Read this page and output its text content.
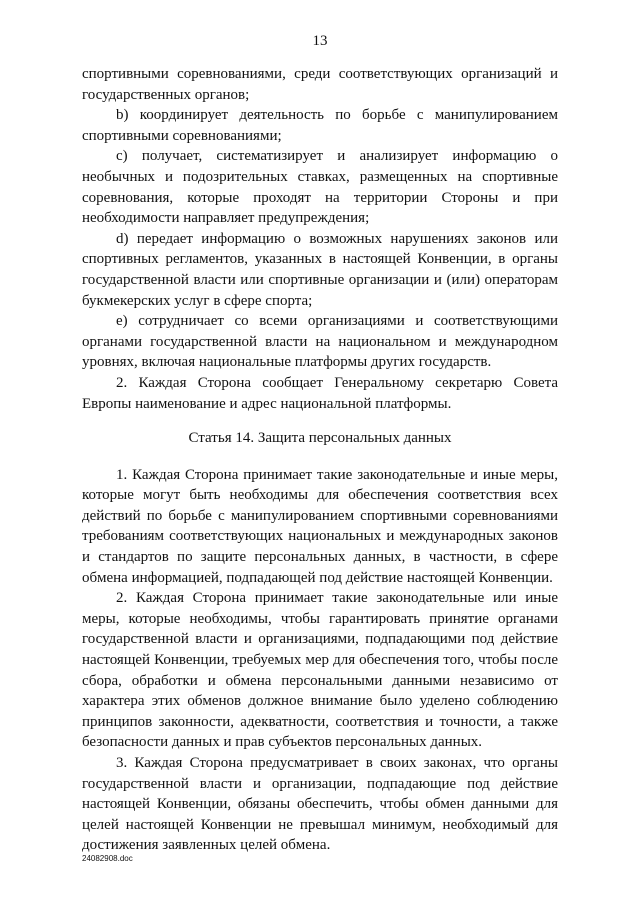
13

спортивными соревнованиями, среди соответствующих организаций и государственных органов;

b) координирует деятельность по борьбе с манипулированием спортивными соревнованиями;

c) получает, систематизирует и анализирует информацию о необычных и подозрительных ставках, размещенных на спортивные соревнования, которые проходят на территории Стороны и при необходимости направляет предупреждения;

d) передает информацию о возможных нарушениях законов или спортивных регламентов, указанных в настоящей Конвенции, в органы государственной власти или спортивные организации и (или) операторам букмекерских услуг в сфере спорта;

e) сотрудничает со всеми организациями и соответствующими органами государственной власти на национальном и международном уровнях, включая национальные платформы других государств.

2. Каждая Сторона сообщает Генеральному секретарю Совета Европы наименование и адрес национальной платформы.

Статья 14. Защита персональных данных

1. Каждая Сторона принимает такие законодательные и иные меры, которые могут быть необходимы для обеспечения соответствия всех действий по борьбе с манипулированием спортивными соревнованиями требованиям соответствующих национальных и международных законов и стандартов по защите персональных данных, в частности, в сфере обмена информацией, подпадающей под действие настоящей Конвенции.

2. Каждая Сторона принимает такие законодательные или иные меры, которые необходимы, чтобы гарантировать принятие органами государственной власти и организациями, подпадающими под действие настоящей Конвенции, требуемых мер для обеспечения того, чтобы после сбора, обработки и обмена персональными данными независимо от характера этих обменов должное внимание было уделено соблюдению принципов законности, адекватности, соответствия и точности, а также безопасности данных и прав субъектов персональных данных.

3. Каждая Сторона предусматривает в своих законах, что органы государственной власти и организации, подпадающие под действие настоящей Конвенции, обязаны обеспечить, чтобы обмен данными для целей настоящей Конвенции не превышал минимум, необходимый для достижения заявленных целей обмена.

24082908.doc
